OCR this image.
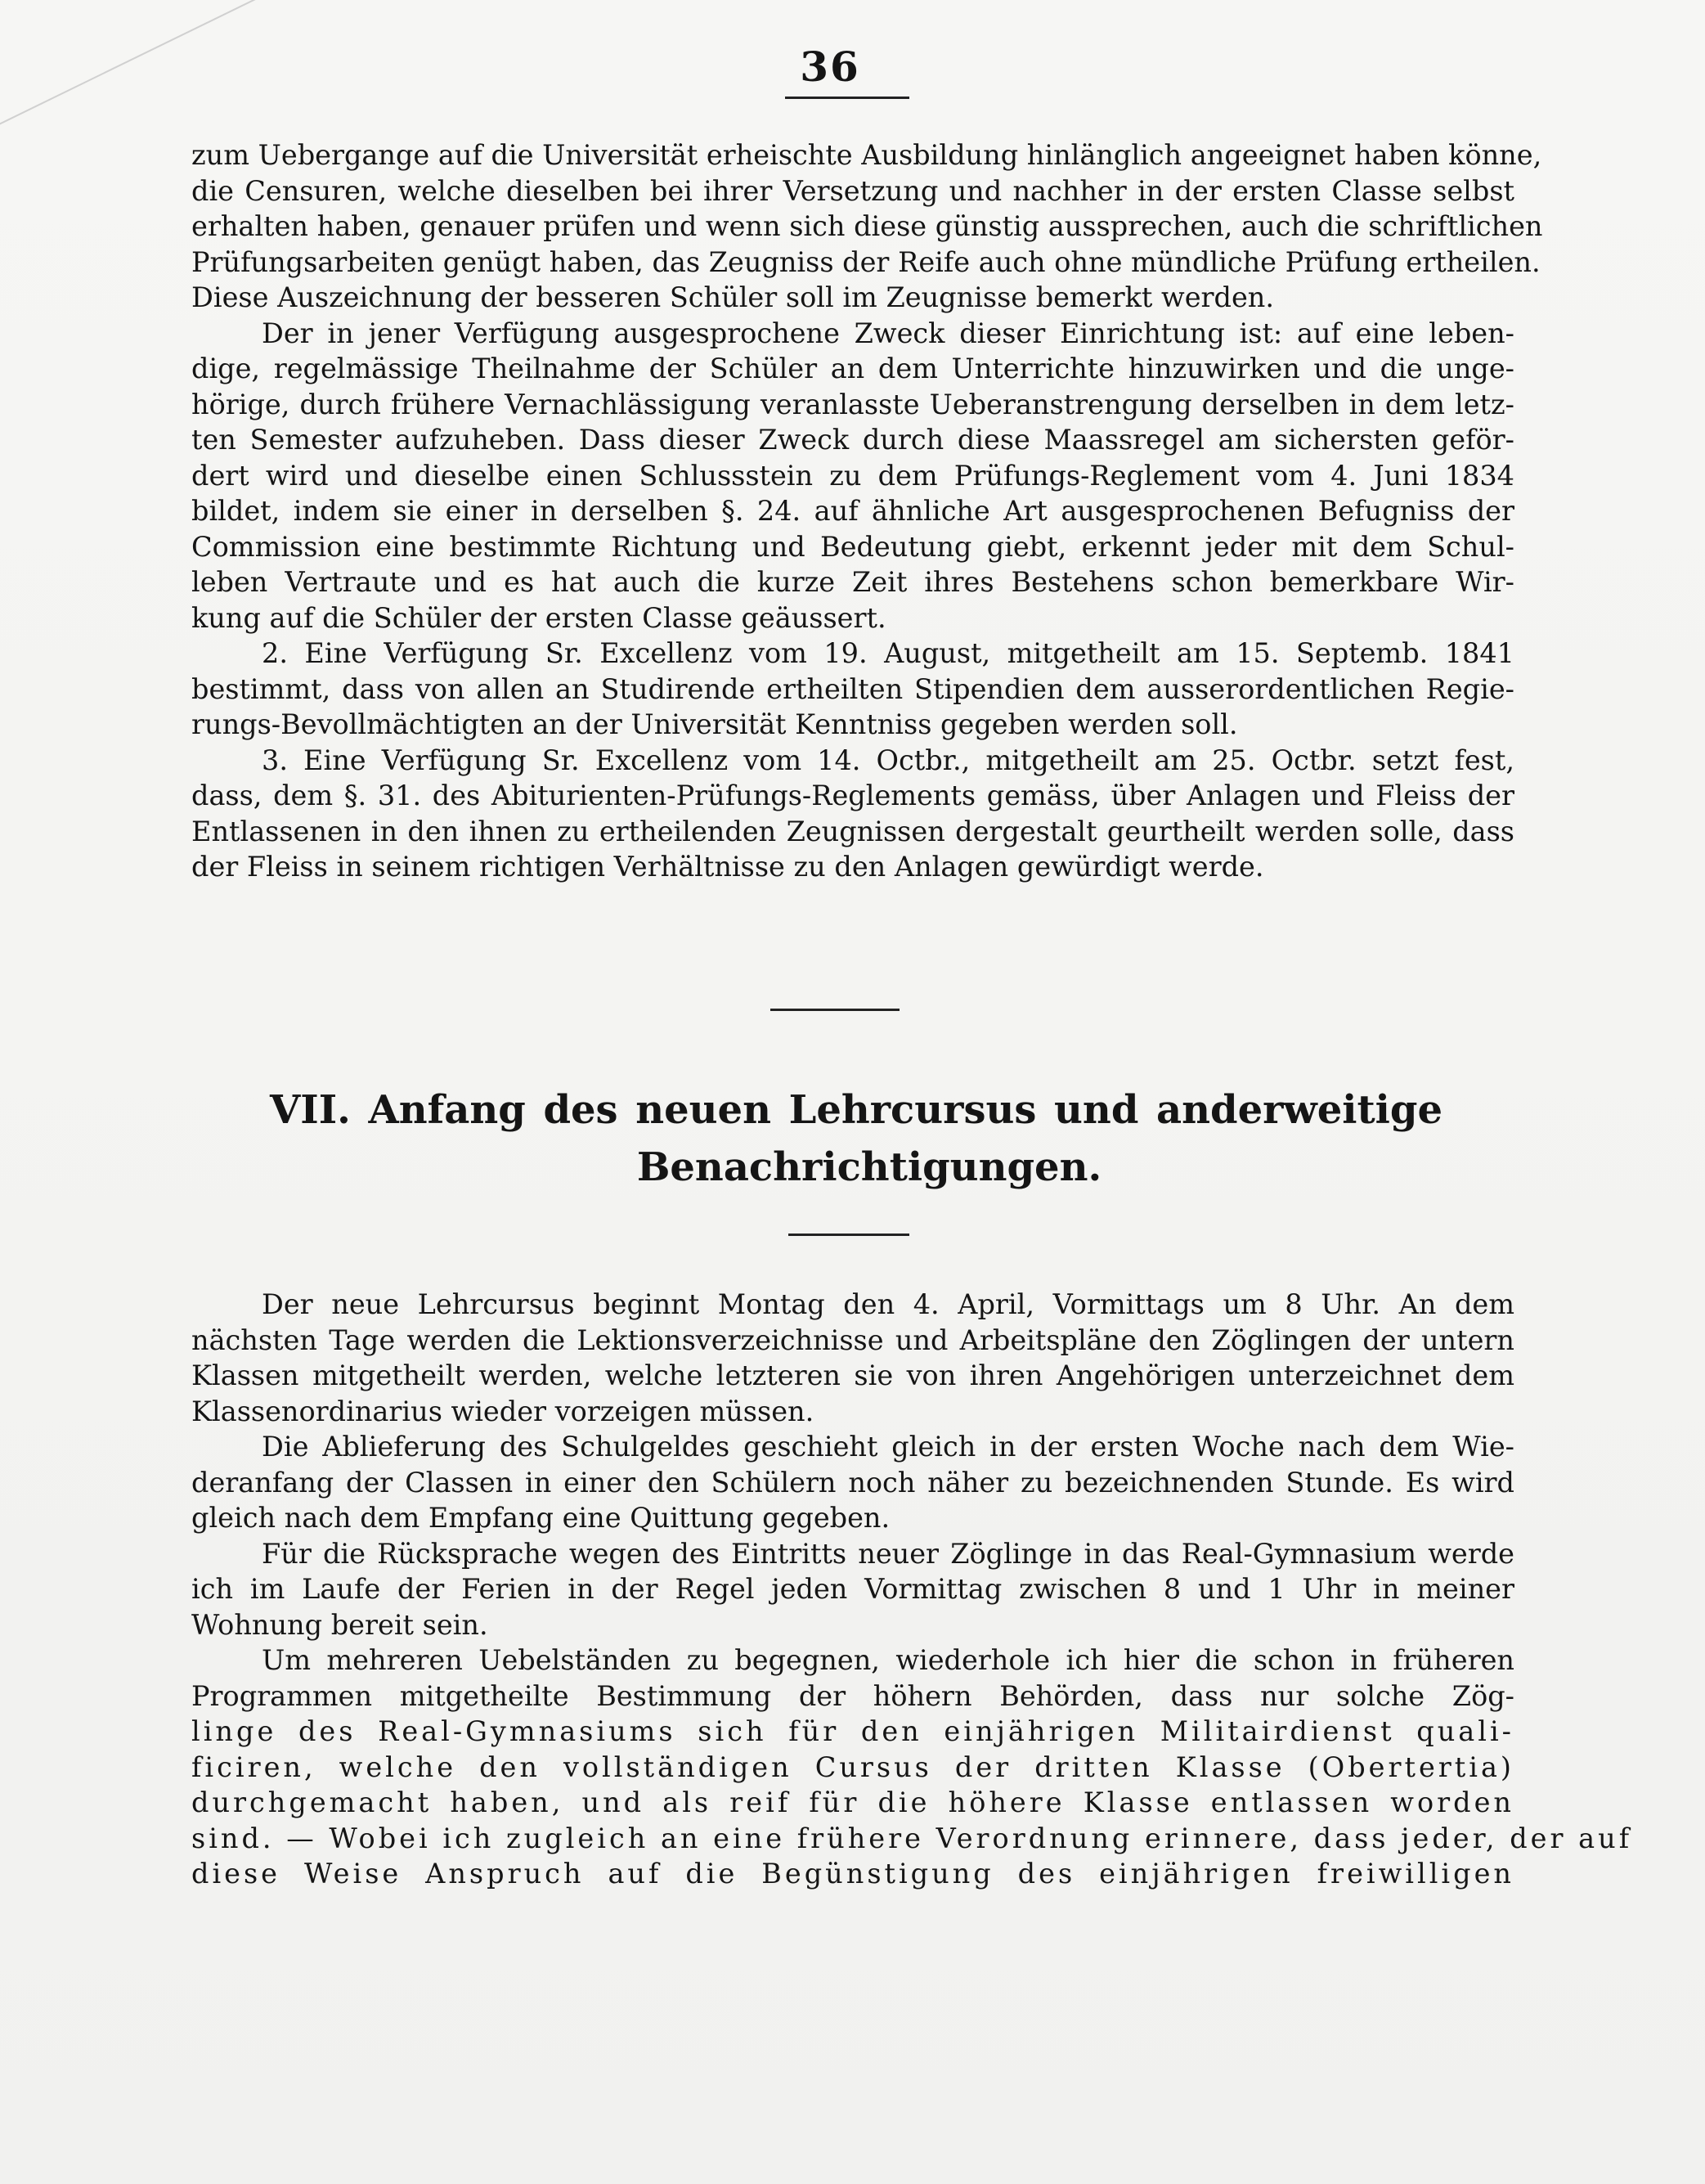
36
zum Uebergange auf die Universität erheischte Ausbildung hinlänglich angeeignet haben könne,
die Censuren, welche dieselben bei ihrer Versetzung und nachher in der ersten Classe selbst
erhalten haben, genauer prüfen und wenn sich diese günstig aussprechen, auch die schriftlichen
Prüfungsarbeiten genügt haben, das Zeugniss der Reife auch ohne mündliche Prüfung ertheilen.
Diese Auszeichnung der besseren Schüler soll im Zeugnisse bemerkt werden.
Der in jener Verfügung ausgesprochene Zweck dieser Einrichtung ist: auf eine leben-
dige, regelmässige Theilnahme der Schüler an dem Unterrichte hinzuwirken und die unge-
hörige, durch frühere Vernachlässigung veranlasste Ueberanstrengung derselben in dem letz-
ten Semester aufzuheben. Dass dieser Zweck durch diese Maassregel am sichersten geför-
dert wird und dieselbe einen Schlussstein zu dem Prüfungs-Reglement vom 4. Juni 1834
bildet, indem sie einer in derselben §. 24. auf ähnliche Art ausgesprochenen Befugniss der
Commission eine bestimmte Richtung und Bedeutung giebt, erkennt jeder mit dem Schul-
leben Vertraute und es hat auch die kurze Zeit ihres Bestehens schon bemerkbare Wir-
kung auf die Schüler der ersten Classe geäussert.
2. Eine Verfügung Sr. Excellenz vom 19. August, mitgetheilt am 15. Septemb. 1841
bestimmt, dass von allen an Studirende ertheilten Stipendien dem ausserordentlichen Regie-
rungs-Bevollmächtigten an der Universität Kenntniss gegeben werden soll.
3. Eine Verfügung Sr. Excellenz vom 14. Octbr., mitgetheilt am 25. Octbr. setzt fest,
dass, dem §. 31. des Abiturienten-Prüfungs-Reglements gemäss, über Anlagen und Fleiss der
Entlassenen in den ihnen zu ertheilenden Zeugnissen dergestalt geurtheilt werden solle, dass
der Fleiss in seinem richtigen Verhältnisse zu den Anlagen gewürdigt werde.
VII. Anfang des neuen Lehrcursus und anderweitige
Benachrichtigungen.
Der neue Lehrcursus beginnt Montag den 4. April, Vormittags um 8 Uhr. An dem
nächsten Tage werden die Lektionsverzeichnisse und Arbeitspläne den Zöglingen der untern
Klassen mitgetheilt werden, welche letzteren sie von ihren Angehörigen unterzeichnet dem
Klassenordinarius wieder vorzeigen müssen.
Die Ablieferung des Schulgeldes geschieht gleich in der ersten Woche nach dem Wie-
deranfang der Classen in einer den Schülern noch näher zu bezeichnenden Stunde. Es wird
gleich nach dem Empfang eine Quittung gegeben.
Für die Rücksprache wegen des Eintritts neuer Zöglinge in das Real-Gymnasium werde
ich im Laufe der Ferien in der Regel jeden Vormittag zwischen 8 und 1 Uhr in meiner
Wohnung bereit sein.
Um mehreren Uebelständen zu begegnen, wiederhole ich hier die schon in früheren
Programmen mitgetheilte Bestimmung der höhern Behörden, dass nur solche Zög-
linge des Real-Gymnasiums sich für den einjährigen Militairdienst quali-
ficiren, welche den vollständigen Cursus der dritten Klasse (Obertertia)
durchgemacht haben, und als reif für die höhere Klasse entlassen worden
sind. — Wobei ich zugleich an eine frühere Verordnung erinnere, dass jeder, der auf
diese Weise Anspruch auf die Begünstigung des einjährigen freiwilligen
